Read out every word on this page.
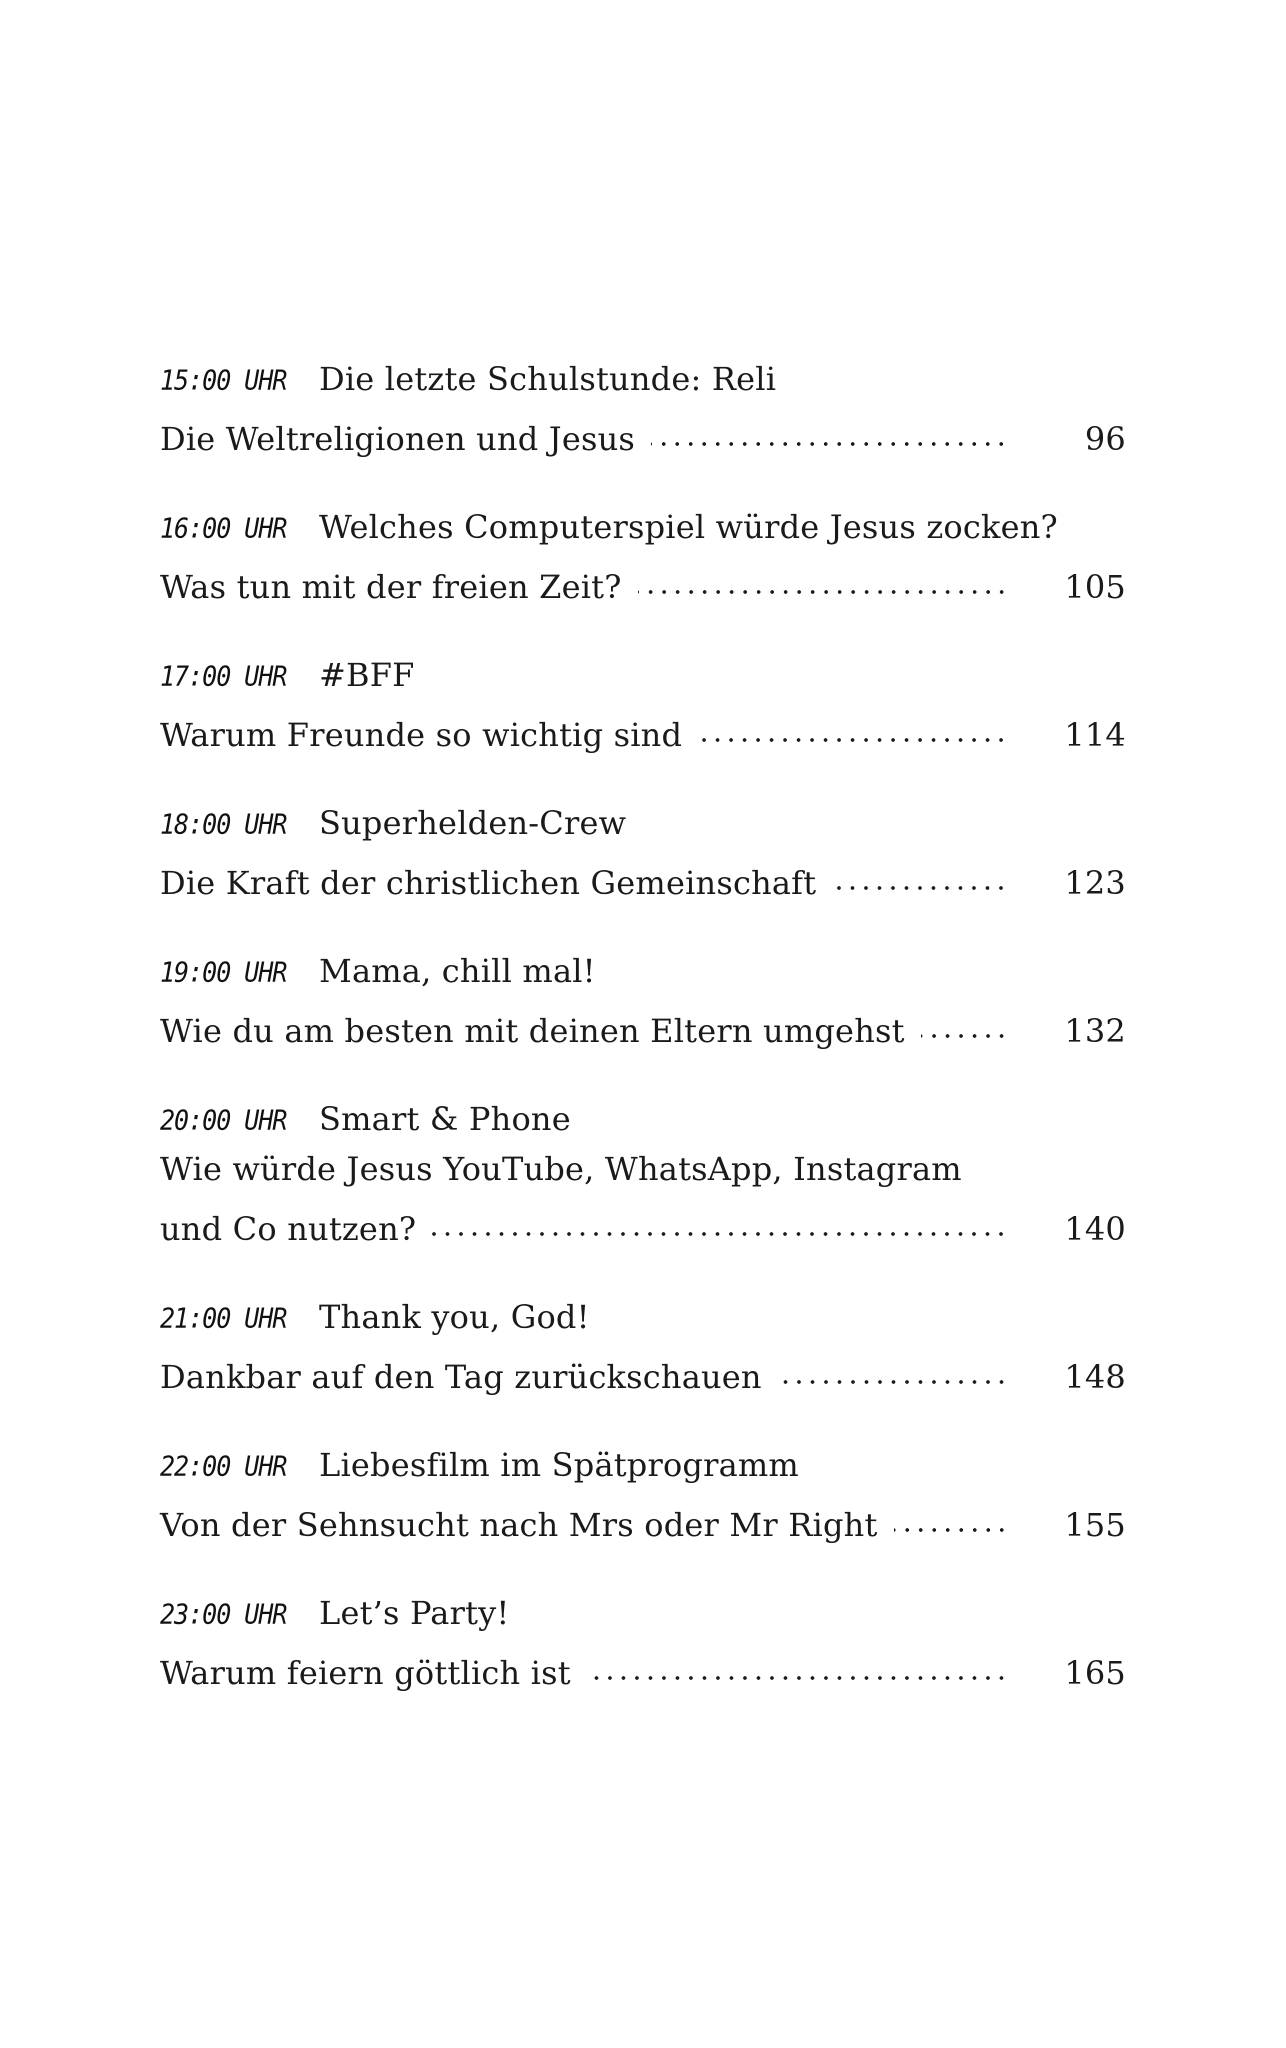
15:00 UHR	Die letzte Schulstunde: Reli
Die Weltreligionen und Jesus	96
16:00 UHR	Welches Computerspiel würde Jesus zocken?
Was tun mit der freien Zeit?	105
17:00 UHR	#BFF
Warum Freunde so wichtig sind	114
18:00 UHR	Superhelden-Crew
Die Kraft der christlichen Gemeinschaft	123
19:00 UHR	Mama, chill mal!
Wie du am besten mit deinen Eltern umgehst	132
20:00 UHR	Smart & Phone
Wie würde Jesus YouTube, WhatsApp, Instagram
und Co nutzen?	140
21:00 UHR	Thank you, God!
Dankbar auf den Tag zurückschauen	148
22:00 UHR	Liebesfilm im Spätprogramm
Von der Sehnsucht nach Mrs oder Mr Right	155
23:00 UHR	Let’s Party!
Warum feiern göttlich ist	165
